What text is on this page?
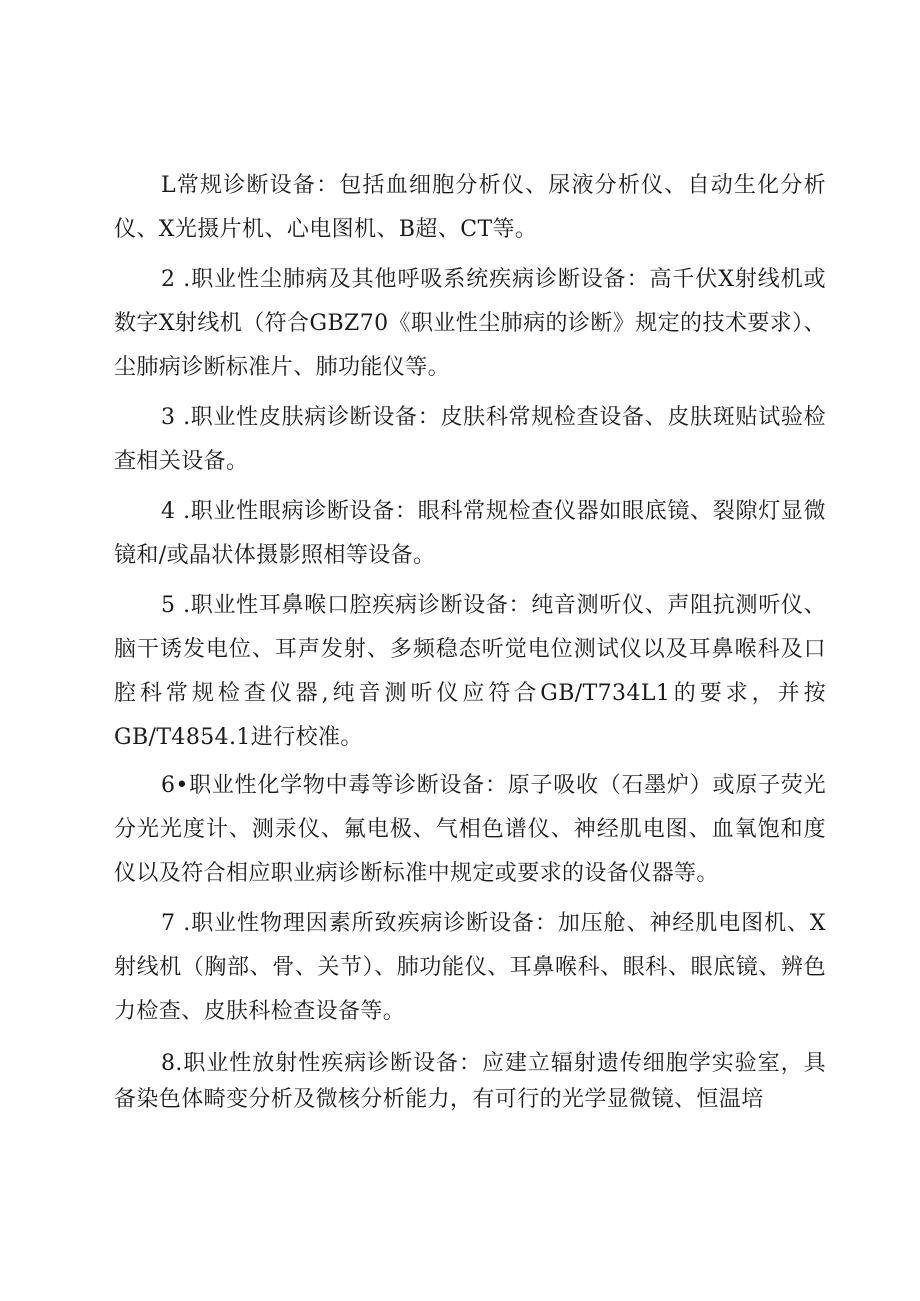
L常规诊断设备：包括血细胞分析仪、尿液分析仪、自动生化分析仪、X光摄片机、心电图机、B超、CT等。

2 .职业性尘肺病及其他呼吸系统疾病诊断设备：高千伏X射线机或数字X射线机（符合GBZ70《职业性尘肺病的诊断》规定的技术要求）、尘肺病诊断标准片、肺功能仪等。

3 .职业性皮肤病诊断设备：皮肤科常规检查设备、皮肤斑贴试验检查相关设备。

4 .职业性眼病诊断设备：眼科常规检查仪器如眼底镜、裂隙灯显微镜和/或晶状体摄影照相等设备。

5 .职业性耳鼻喉口腔疾病诊断设备：纯音测听仪、声阻抗测听仪、脑干诱发电位、耳声发射、多频稳态听觉电位测试仪以及耳鼻喉科及口腔科常规检查仪器,纯音测听仪应符合GB/T734L1的要求，并按GB/T4854.1进行校准。

6•职业性化学物中毒等诊断设备：原子吸收（石墨炉）或原子荧光分光光度计、测汞仪、氟电极、气相色谱仪、神经肌电图、血氧饱和度仪以及符合相应职业病诊断标准中规定或要求的设备仪器等。

7 .职业性物理因素所致疾病诊断设备：加压舱、神经肌电图机、X射线机（胸部、骨、关节）、肺功能仪、耳鼻喉科、眼科、眼底镜、辨色力检查、皮肤科检查设备等。

8.职业性放射性疾病诊断设备：应建立辐射遗传细胞学实验室，具备染色体畸变分析及微核分析能力，有可行的光学显微镜、恒温培
